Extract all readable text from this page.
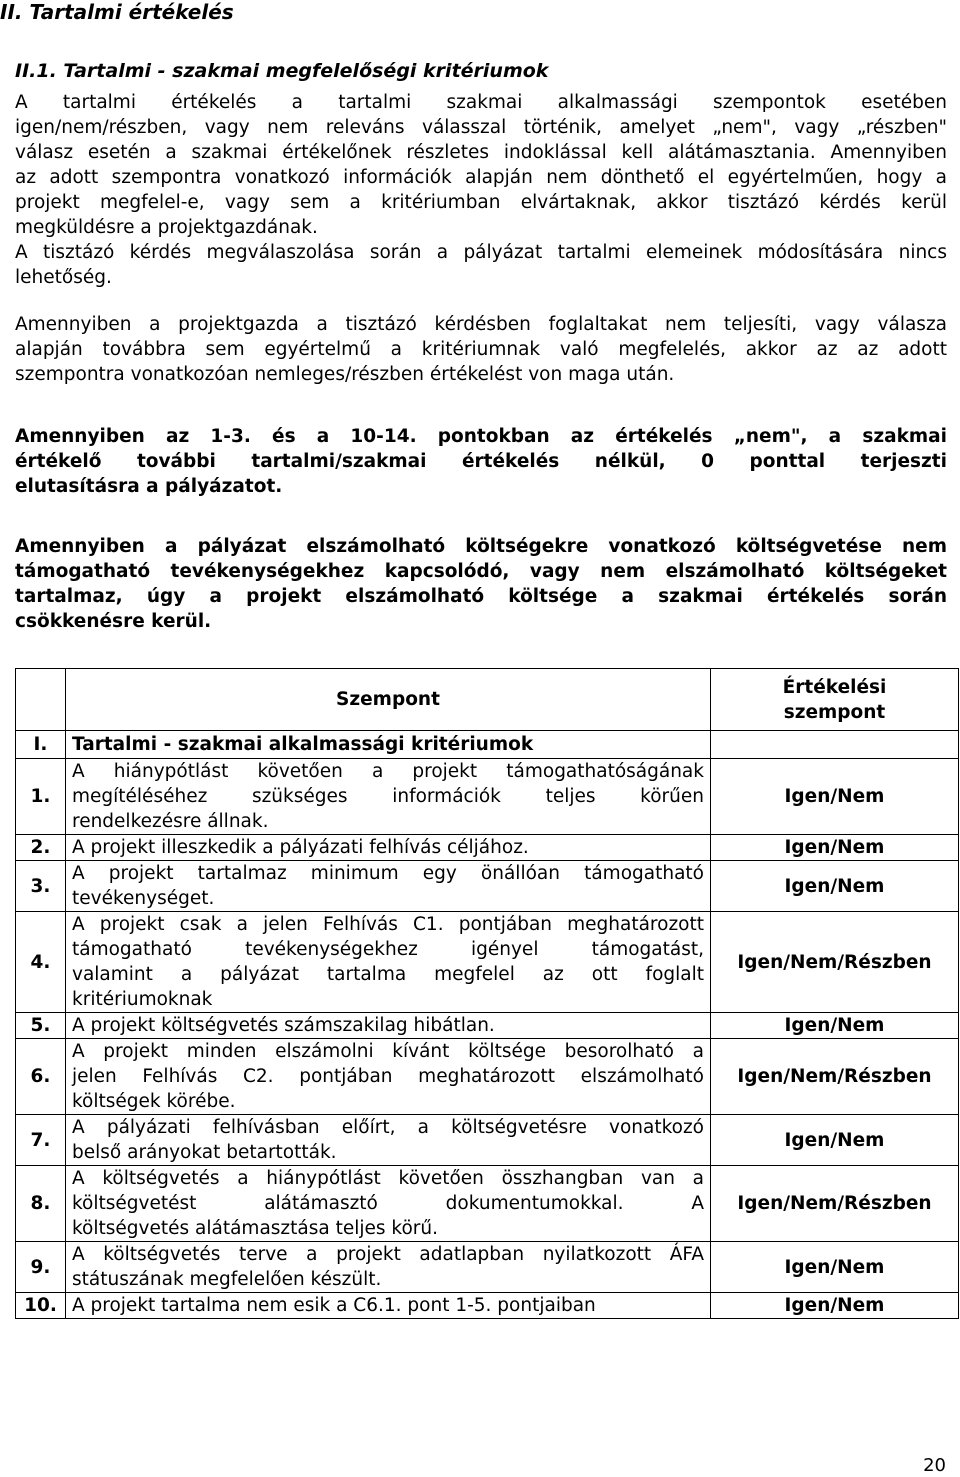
II. Tartalmi értékelés
II.1. Tartalmi - szakmai megfelelőségi kritériumok
A tartalmi értékelés a tartalmi szakmai alkalmassági szempontok esetében
igen/nem/részben, vagy nem releváns válasszal történik, amelyet „nem", vagy „részben"
válasz esetén a szakmai értékelőnek részletes indoklással kell alátámasztania. Amennyiben
az adott szempontra vonatkozó információk alapján nem dönthető el egyértelműen, hogy a
projekt megfelel-e, vagy sem a kritériumban elvártaknak, akkor tisztázó kérdés kerül
megküldésre a projektgazdának.
A tisztázó kérdés megválaszolása során a pályázat tartalmi elemeinek módosítására nincs
lehetőség.
Amennyiben a projektgazda a tisztázó kérdésben foglaltakat nem teljesíti, vagy válasza
alapján továbbra sem egyértelmű a kritériumnak való megfelelés, akkor az az adott
szempontra vonatkozóan nemleges/részben értékelést von maga után.
Amennyiben az 1-3. és a 10-14. pontokban az értékelés „nem", a szakmai
értékelő további tartalmi/szakmai értékelés nélkül, 0 ponttal terjeszti
elutasításra a pályázatot.
Amennyiben a pályázat elszámolható költségekre vonatkozó költségvetése nem
támogatható tevékenységekhez kapcsolódó, vagy nem elszámolható költségeket
tartalmaz, úgy a projekt elszámolható költsége a szakmai értékelés során
csökkenésre kerül.
	Szempont	Értékelési
szempont

I.	Tartalmi - szakmai alkalmassági kritériumok	
1.	A hiánypótlást követően a projekt támogathatóságának
megítéléséhez szükséges információk teljes körűen
rendelkezésre állnak.	Igen/Nem
2.	A projekt illeszkedik a pályázati felhívás céljához.	Igen/Nem
3.	A projekt tartalmaz minimum egy önállóan támogatható
tevékenységet.	Igen/Nem
4.	A projekt csak a jelen Felhívás C1. pontjában meghatározott
támogatható tevékenységekhez igényel támogatást,
valamint a pályázat tartalma megfelel az ott foglalt
kritériumoknak	Igen/Nem/Részben
5.	A projekt költségvetés számszakilag hibátlan.	Igen/Nem
6.	A projekt minden elszámolni kívánt költsége besorolható a
jelen Felhívás C2. pontjában meghatározott elszámolható
költségek körébe.	Igen/Nem/Részben
7.	A pályázati felhívásban előírt, a költségvetésre vonatkozó
belső arányokat betartották.	Igen/Nem
8.	A költségvetés a hiánypótlást követően összhangban van a
költségvetést alátámasztó dokumentumokkal. A
költségvetés alátámasztása teljes körű.	Igen/Nem/Részben
9.	A költségvetés terve a projekt adatlapban nyilatkozott ÁFA
státuszának megfelelően készült.	Igen/Nem
10.	A projekt tartalma nem esik a C6.1. pont 1-5. pontjaiban	Igen/Nem
20
